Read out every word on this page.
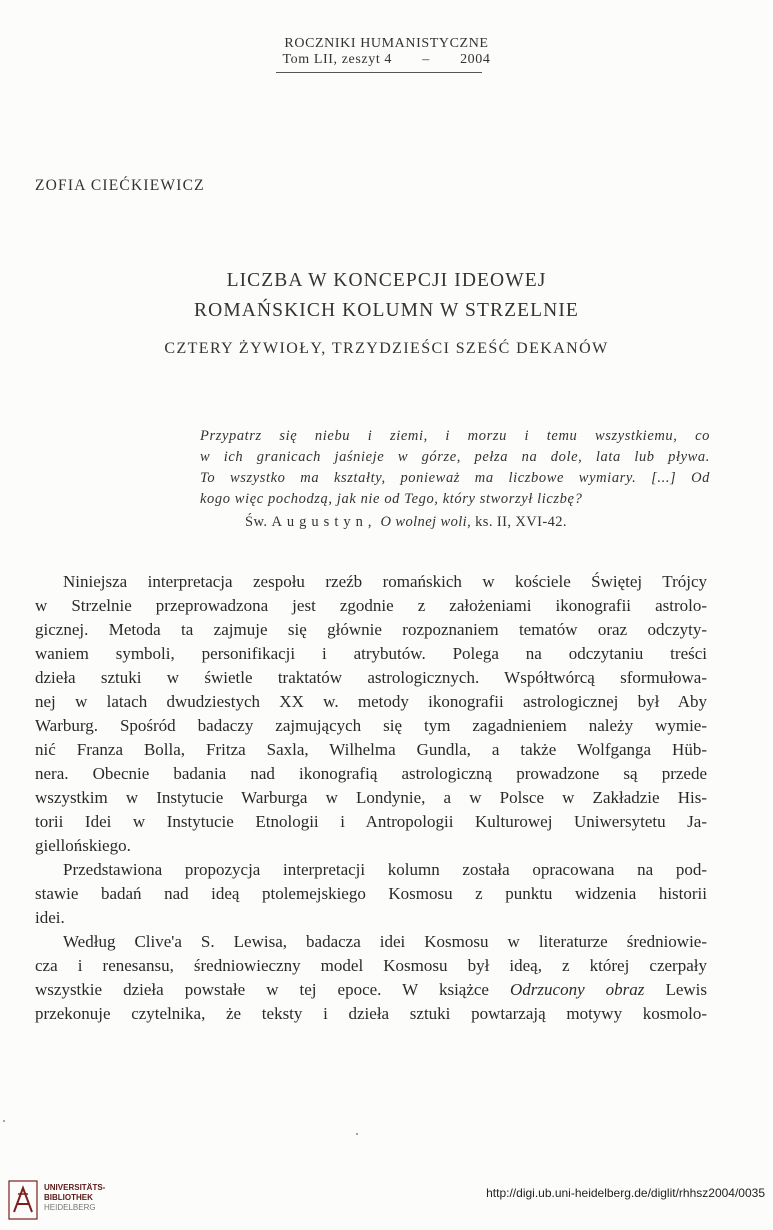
ROCZNIKI HUMANISTYCZNE
Tom LII, zeszyt 4 – 2004
ZOFIA CIEĆKIEWICZ
LICZBA W KONCEPCJI IDEOWEJ
ROMAŃSKICH KOLUMN W STRZELNIE
CZTERY ŻYWIOŁY, TRZYDZIEŚCI SZEŚĆ DEKANÓW
Przypatrz się niebu i ziemi, i morzu i temu wszystkiemu, co
w ich granicach jaśnieje w górze, pełza na dole, lata lub pływa.
To wszystko ma kształty, ponieważ ma liczbowe wymiary. [...] Od
kogo więc pochodzą, jak nie od Tego, który stworzył liczbę?
Św. Augustyn, O wolnej woli, ks. II, XVI-42.
Niniejsza interpretacja zespołu rzeźb romańskich w kościele Świętej Trójcy
w Strzelnie przeprowadzona jest zgodnie z założeniami ikonografii astrolo-
gicznej. Metoda ta zajmuje się głównie rozpoznaniem tematów oraz odczyty-
waniem symboli, personifikacji i atrybutów. Polega na odczytaniu treści
dzieła sztuki w świetle traktatów astrologicznych. Współtwórcą sformułowa-
nej w latach dwudziestych XX w. metody ikonografii astrologicznej był Aby
Warburg. Spośród badaczy zajmujących się tym zagadnieniem należy wymie-
nić Franza Bolla, Fritza Saxla, Wilhelma Gundla, a także Wolfganga Hüb-
nera. Obecnie badania nad ikonografią astrologiczną prowadzone są przede
wszystkim w Instytucie Warburga w Londynie, a w Polsce w Zakładzie His-
torii Idei w Instytucie Etnologii i Antropologii Kulturowej Uniwersytetu Ja-
giellońskiego.
Przedstawiona propozycja interpretacji kolumn została opracowana na pod-
stawie badań nad ideą ptolemejskiego Kosmosu z punktu widzenia historii
idei.
Według Clive'a S. Lewisa, badacza idei Kosmosu w literaturze średniowie-
cza i renesansu, średniowieczny model Kosmosu był ideą, z której czerpały
wszystkie dzieła powstałe w tej epoce. W książce Odrzucony obraz Lewis
przekonuje czytelnika, że teksty i dzieła sztuki powtarzają motywy kosmolo-
UNIVERSITÄTS-
BIBLIOTHEK
HEIDELBERG
http://digi.ub.uni-heidelberg.de/diglit/rhhsz2004/0035
